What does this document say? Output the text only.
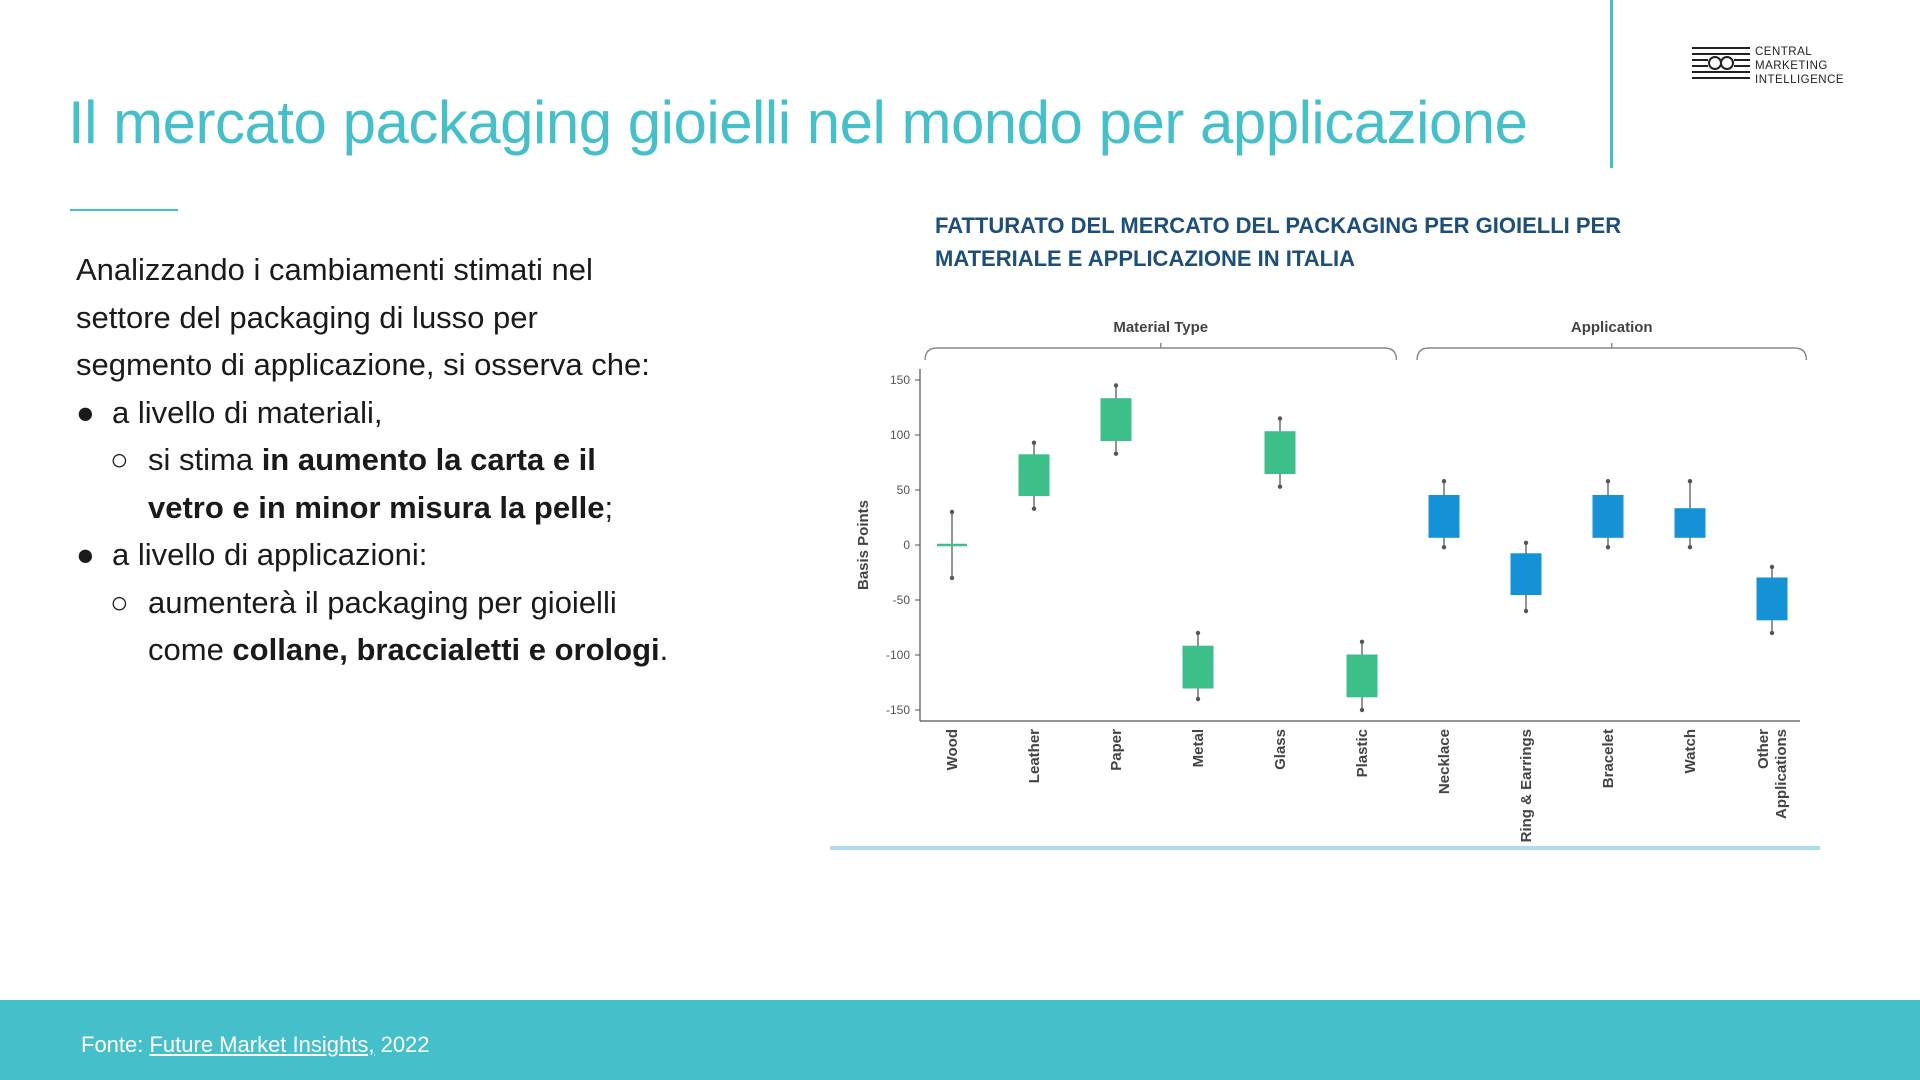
Il mercato packaging gioielli nel mondo per applicazione
CENTRAL
MARKETING
INTELLIGENCE

Analizzando i cambiamenti stimati nel settore del packaging di lusso per segmento di applicazione, si osserva che:

● a livello di materiali,

○ si stima in aumento la carta e il vetro e in minor misura la pelle;

● a livello di applicazioni:

○ aumenterà il packaging per gioielli come collane, braccialetti e orologi.

FATTURATO DEL MERCATO DEL PACKAGING PER GIOIELLI PER
MATERIALE E APPLICAZIONE IN ITALIA
150
100
50
0
-50
-100
-150
Basis Points
Material Type	Application
Wood	Leather	Paper	Metal	Glass	Plastic	Necklace	Ring & Earrings	Bracelet	Watch	Other Applications
Fonte: Future Market Insights, 2022
